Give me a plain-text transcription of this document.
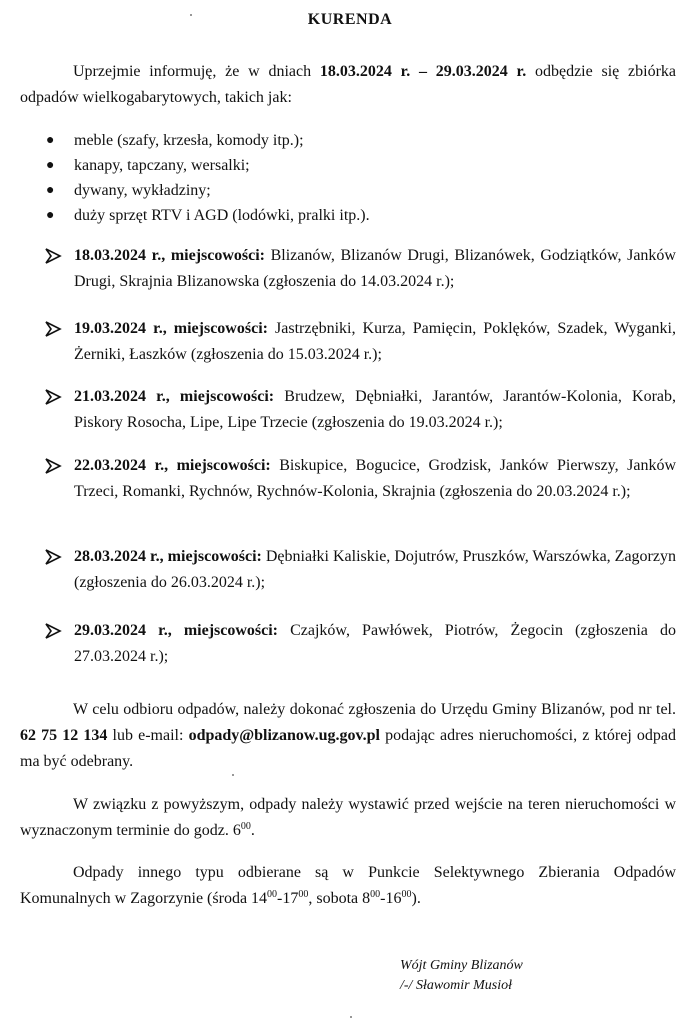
KURENDA

Uprzejmie informuję, że w dniach 18.03.2024 r. – 29.03.2024 r. odbędzie się zbiórka odpadów wielkogabarytowych, takich jak:

● meble (szafy, krzesła, komody itp.);
● kanapy, tapczany, wersalki;
● dywany, wykładziny;
● duży sprzęt RTV i AGD (lodówki, pralki itp.).
18.03.2024 r., miejscowości: Blizanów, Blizanów Drugi, Blizanówek, Godziątków, Janków Drugi, Skrajnia Blizanowska (zgłoszenia do 14.03.2024 r.);
19.03.2024 r., miejscowości: Jastrzębniki, Kurza, Pamięcin, Poklęków, Szadek, Wyganki, Żerniki, Łaszków (zgłoszenia do 15.03.2024 r.);
21.03.2024 r., miejscowości: Brudzew, Dębniałki, Jarantów, Jarantów-Kolonia, Korab, Piskory Rosocha, Lipe, Lipe Trzecie (zgłoszenia do 19.03.2024 r.);
22.03.2024 r., miejscowości: Biskupice, Bogucice, Grodzisk, Janków Pierwszy, Janków Trzeci, Romanki, Rychnów, Rychnów-Kolonia, Skrajnia (zgłoszenia do 20.03.2024 r.);
28.03.2024 r., miejscowości: Dębniałki Kaliskie, Dojutrów, Pruszków, Warszówka, Zagorzyn (zgłoszenia do 26.03.2024 r.);
29.03.2024 r., miejscowości: Czajków, Pawłówek, Piotrów, Żegocin (zgłoszenia do 27.03.2024 r.);

W celu odbioru odpadów, należy dokonać zgłoszenia do Urzędu Gminy Blizanów, pod nr tel. 62 75 12 134 lub e-mail: odpady@blizanow.ug.gov.pl podając adres nieruchomości, z której odpad ma być odebrany.

W związku z powyższym, odpady należy wystawić przed wejście na teren nieruchomości w wyznaczonym terminie do godz. $6^{00}$.

Odpady innego typu odbierane są w Punkcie Selektywnego Zbierania Odpadów Komunalnych w Zagorzynie (środa $14^{00}-17^{00}$, sobota $8^{00}-16^{00}$).

Wójt Gminy Blizanów
/-/ Sławomir Musioł
